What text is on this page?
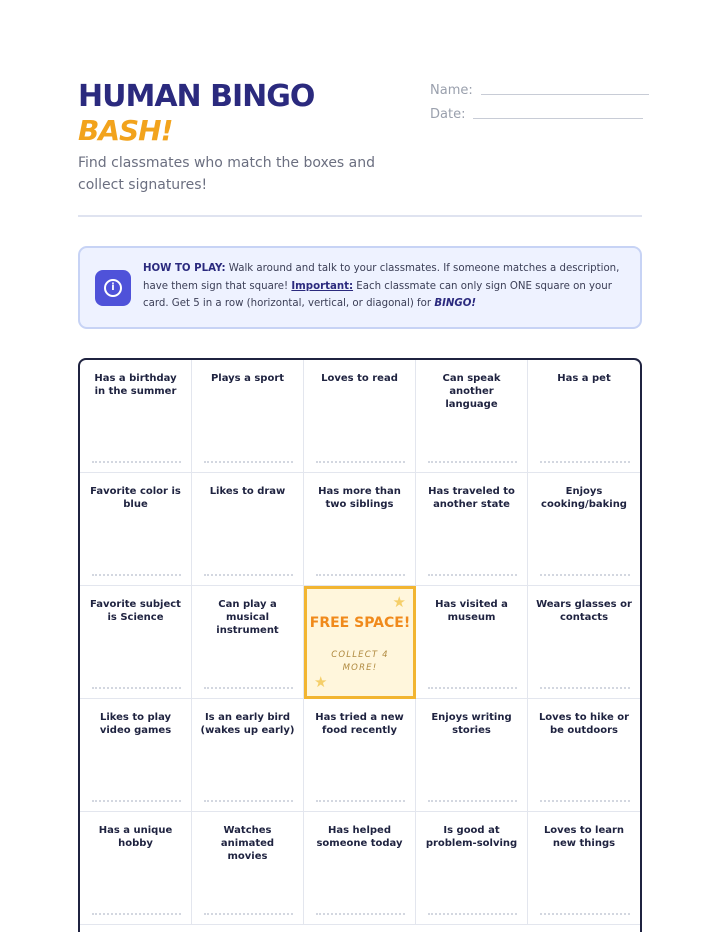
HUMAN BINGO
BASH!
Find classmates who match the boxes and collect signatures!
Name:
Date:
i
HOW TO PLAY: Walk around and talk to your classmates. If someone matches a description, have them sign that square! Important: Each classmate can only sign ONE square on your card. Get 5 in a row (horizontal, vertical, or diagonal) for BINGO!
Has a birthday in the summer
Plays a sport	Loves to read	Can speak another language
Has a pet
Favorite color is blue
Likes to draw	Has more than two siblings
Has traveled to another state
Enjoys cooking/baking
Favorite subject is Science
Can play a musical instrument
★
FREE SPACE!
COLLECT 4 MORE!
★
Has visited a museum
Wears glasses or contacts
Likes to play video games
Is an early bird (wakes up early)
Has tried a new food recently
Enjoys writing stories
Loves to hike or be outdoors
Has a unique hobby
Watches animated movies
Has helped someone today
Is good at problem-solving
Loves to learn new things
